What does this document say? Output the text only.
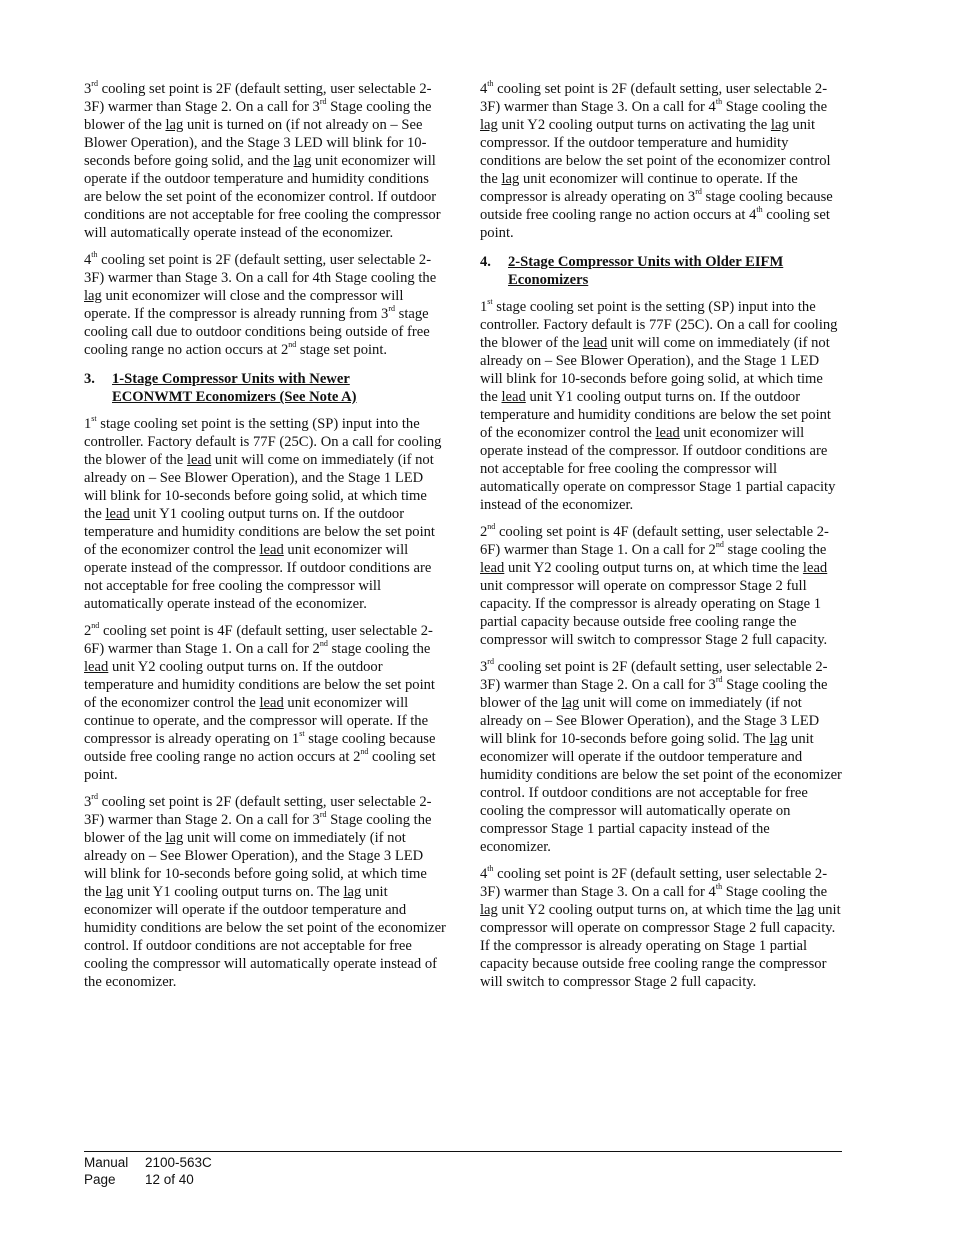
3rd cooling set point is 2F (default setting, user selectable 2-3F) warmer than Stage 2. On a call for 3rd Stage cooling the blower of the lag unit is turned on (if not already on – See Blower Operation), and the Stage 3 LED will blink for 10-seconds before going solid, and the lag unit economizer will operate if the outdoor temperature and humidity conditions are below the set point of the economizer control. If outdoor conditions are not acceptable for free cooling the compressor will automatically operate instead of the economizer.

4th cooling set point is 2F (default setting, user selectable 2-3F) warmer than Stage 3. On a call for 4th Stage cooling the lag unit economizer will close and the compressor will operate. If the compressor is already running from 3rd stage cooling call due to outdoor conditions being outside of free cooling range no action occurs at 2nd stage set point.

3.	1-Stage Compressor Units with Newer
ECONWMT Economizers (See Note A)

1st stage cooling set point is the setting (SP) input into the controller. Factory default is 77F (25C). On a call for cooling the blower of the lead unit will come on immediately (if not already on – See Blower Operation), and the Stage 1 LED will blink for 10-seconds before going solid, at which time the lead unit Y1 cooling output turns on. If the outdoor temperature and humidity conditions are below the set point of the economizer control the lead unit economizer will operate instead of the compressor. If outdoor conditions are not acceptable for free cooling the compressor will automatically operate instead of the economizer.

2nd cooling set point is 4F (default setting, user selectable 2-6F) warmer than Stage 1. On a call for 2nd stage cooling the lead unit Y2 cooling output turns on. If the outdoor temperature and humidity conditions are below the set point of the economizer control the lead unit economizer will continue to operate, and the compressor will operate. If the compressor is already operating on 1st stage cooling because outside free cooling range no action occurs at 2nd cooling set point.

3rd cooling set point is 2F (default setting, user selectable 2-3F) warmer than Stage 2. On a call for 3rd Stage cooling the blower of the lag unit will come on immediately (if not already on – See Blower Operation), and the Stage 3 LED will blink for 10-seconds before going solid, at which time the lag unit Y1 cooling output turns on. The lag unit economizer will operate if the outdoor temperature and humidity conditions are below the set point of the economizer control. If outdoor conditions are not acceptable for free cooling the compressor will automatically operate instead of the economizer.

4th cooling set point is 2F (default setting, user selectable 2-3F) warmer than Stage 3. On a call for 4th Stage cooling the lag unit Y2 cooling output turns on activating the lag unit compressor. If the outdoor temperature and humidity conditions are below the set point of the economizer control the lag unit economizer will continue to operate. If the compressor is already operating on 3rd stage cooling because outside free cooling range no action occurs at 4th cooling set point.

4.	2-Stage Compressor Units with Older EIFM
Economizers

1st stage cooling set point is the setting (SP) input into the controller. Factory default is 77F (25C). On a call for cooling the blower of the lead unit will come on immediately (if not already on – See Blower Operation), and the Stage 1 LED will blink for 10-seconds before going solid, at which time the lead unit Y1 cooling output turns on. If the outdoor temperature and humidity conditions are below the set point of the economizer control the lead unit economizer will operate instead of the compressor. If outdoor conditions are not acceptable for free cooling the compressor will automatically operate on compressor Stage 1 partial capacity instead of the economizer.

2nd cooling set point is 4F (default setting, user selectable 2-6F) warmer than Stage 1. On a call for 2nd stage cooling the lead unit Y2 cooling output turns on, at which time the lead unit compressor will operate on compressor Stage 2 full capacity. If the compressor is already operating on Stage 1 partial capacity because outside free cooling range the compressor will switch to compressor Stage 2 full capacity.

3rd cooling set point is 2F (default setting, user selectable 2-3F) warmer than Stage 2. On a call for 3rd Stage cooling the blower of the lag unit will come on immediately (if not already on – See Blower Operation), and the Stage 3 LED will blink for 10-seconds before going solid. The lag unit economizer will operate if the outdoor temperature and humidity conditions are below the set point of the economizer control. If outdoor conditions are not acceptable for free cooling the compressor will automatically operate on compressor Stage 1 partial capacity instead of the economizer.

4th cooling set point is 2F (default setting, user selectable 2-3F) warmer than Stage 3. On a call for 4th Stage cooling the lag unit Y2 cooling output turns on, at which time the lag unit compressor will operate on compressor Stage 2 full capacity. If the compressor is already operating on Stage 1 partial capacity because outside free cooling range the compressor will switch to compressor Stage 2 full capacity.

Manual	2100-563C
Page	12 of 40
